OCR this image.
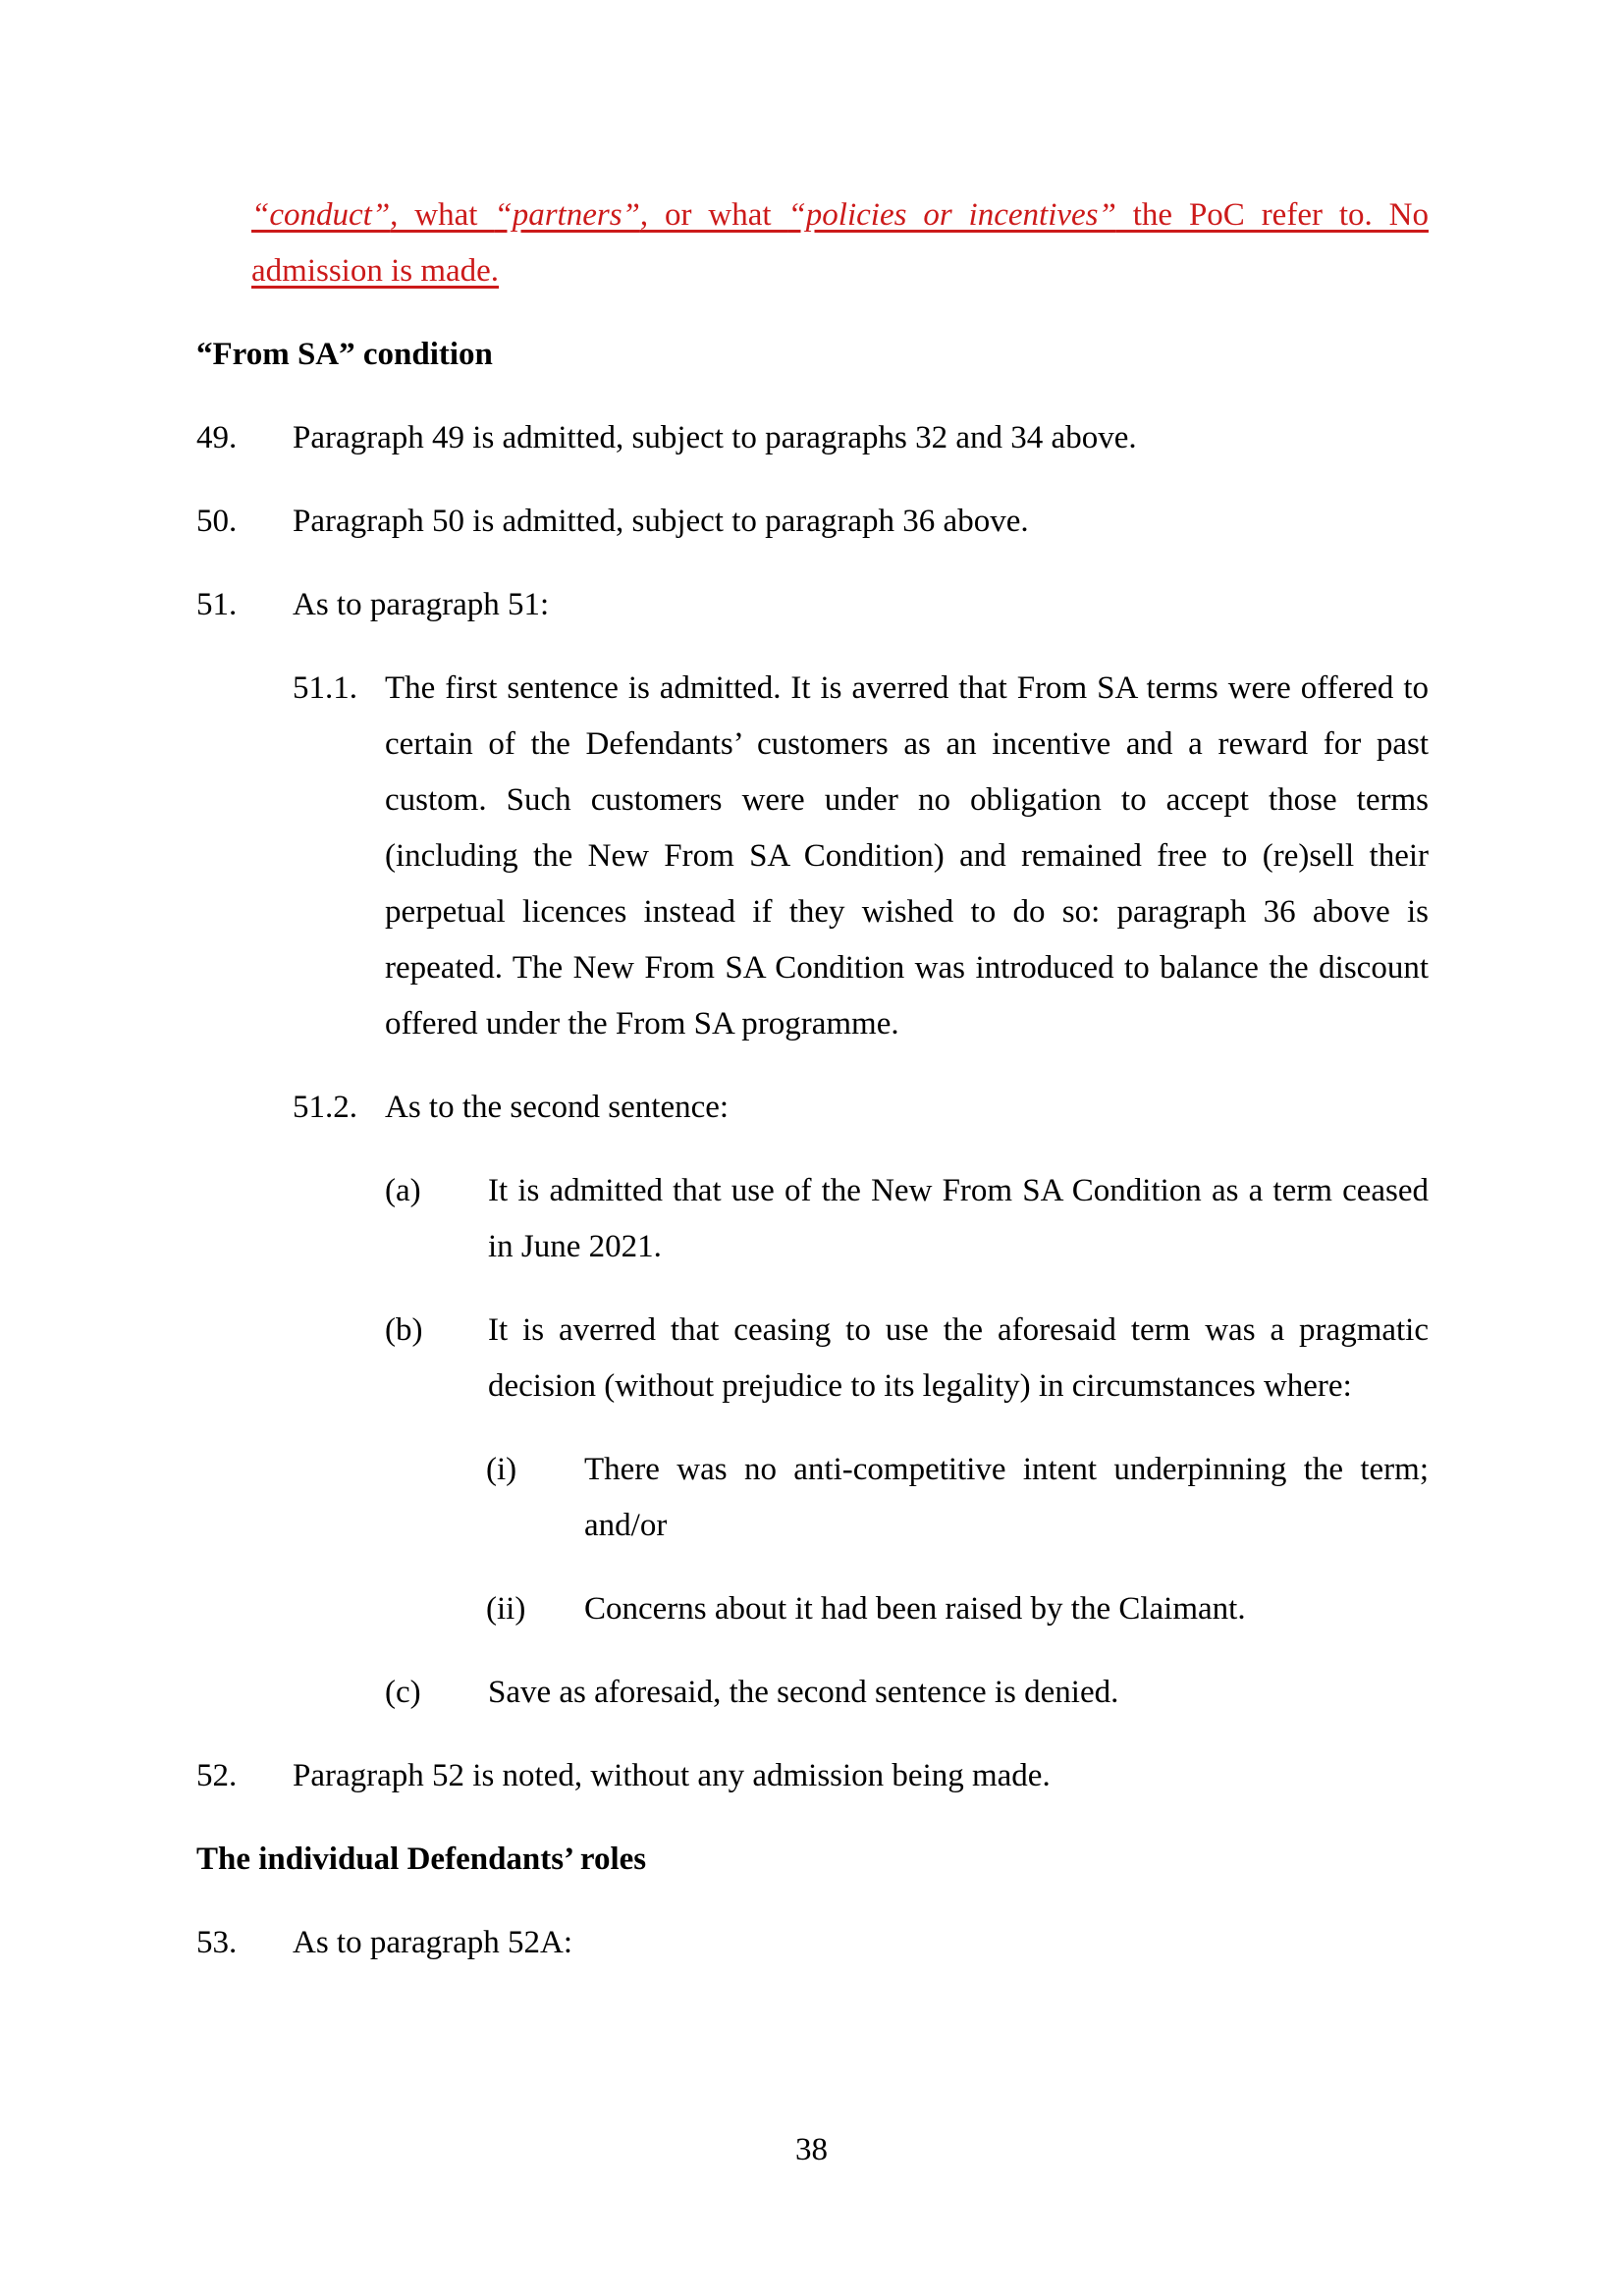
“conduct”, what “partners”, or what “policies or incentives” the PoC refer to. No
admission is made.
“From SA” condition
49. Paragraph 49 is admitted, subject to paragraphs 32 and 34 above.
50. Paragraph 50 is admitted, subject to paragraph 36 above.
51. As to paragraph 51:
51.1. The first sentence is admitted. It is averred that From SA terms were offered to certain of the Defendants’ customers as an incentive and a reward for past custom. Such customers were under no obligation to accept those terms (including the New From SA Condition) and remained free to (re)sell their perpetual licences instead if they wished to do so: paragraph 36 above is repeated. The New From SA Condition was introduced to balance the discount offered under the From SA programme.
51.2. As to the second sentence:
(a) It is admitted that use of the New From SA Condition as a term ceased in June 2021.
(b) It is averred that ceasing to use the aforesaid term was a pragmatic decision (without prejudice to its legality) in circumstances where:
(i) There was no anti-competitive intent underpinning the term; and/or
(ii) Concerns about it had been raised by the Claimant.
(c) Save as aforesaid, the second sentence is denied.
52. Paragraph 52 is noted, without any admission being made.
The individual Defendants’ roles
53. As to paragraph 52A:
38
